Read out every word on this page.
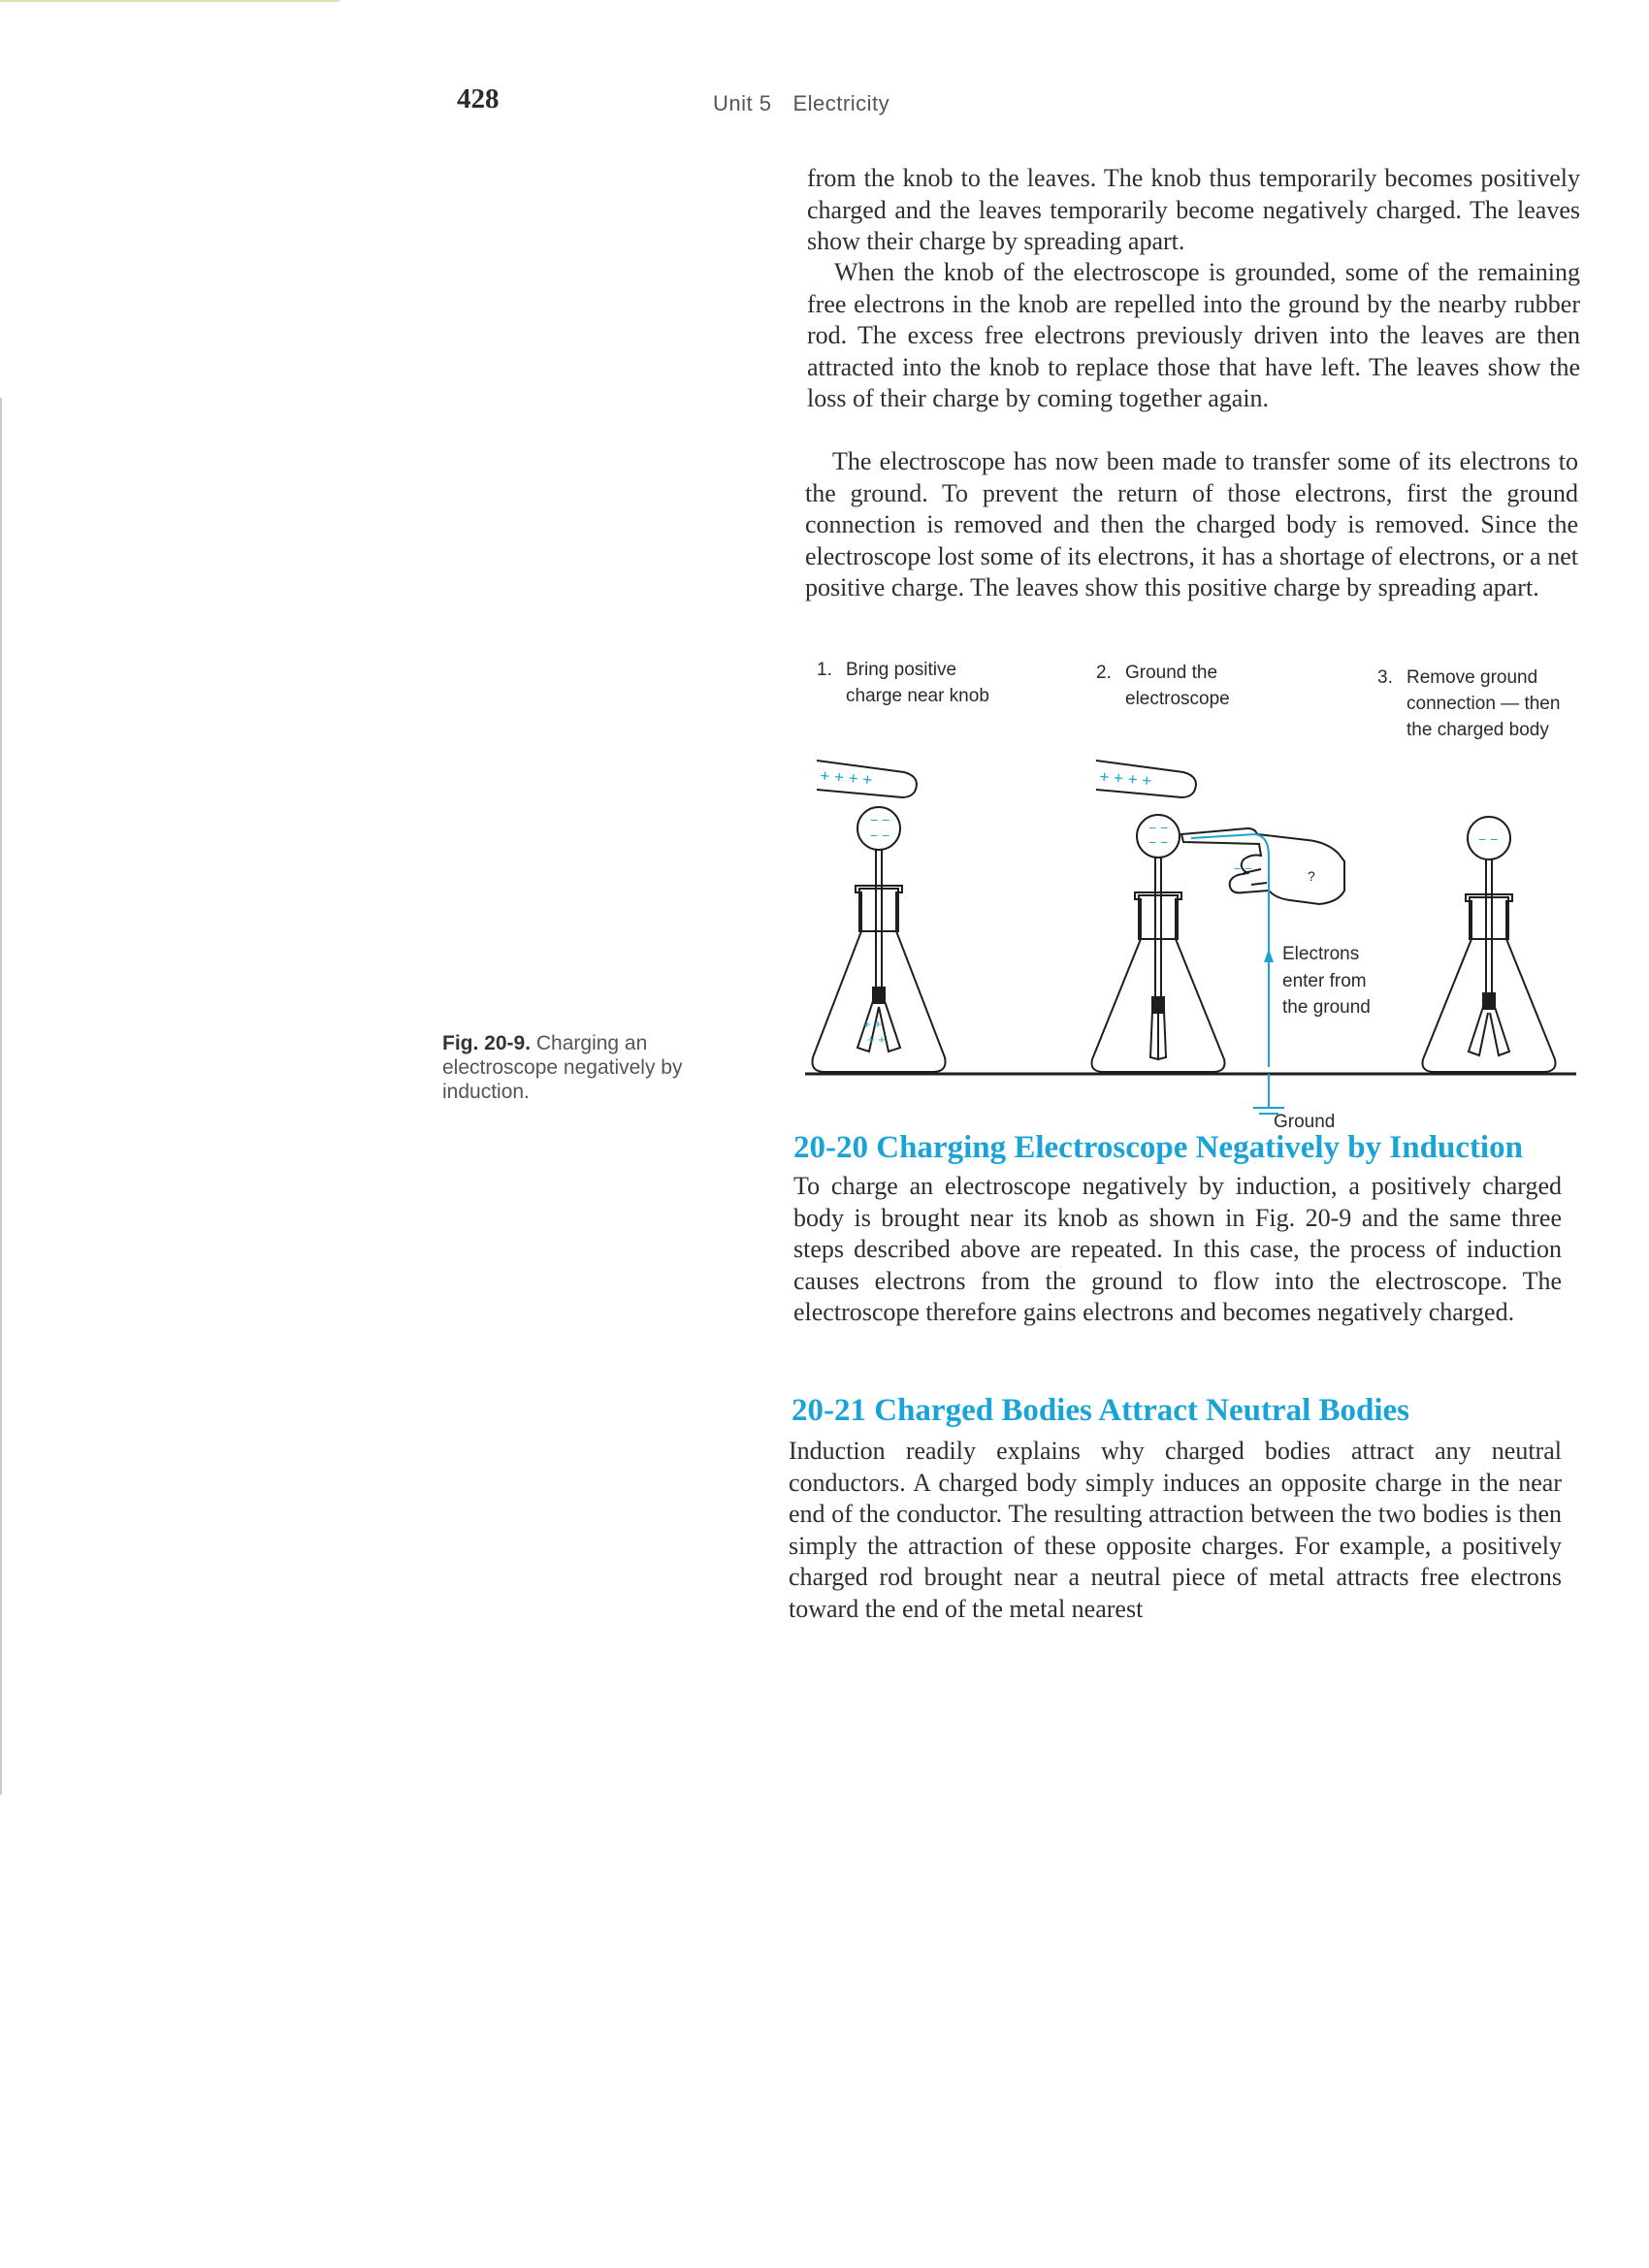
428	Unit 5 Electricity

from the knob to the leaves. The knob thus temporarily becomes positively charged and the leaves temporarily become negatively charged. The leaves show their charge by spreading apart.

When the knob of the electroscope is grounded, some of the remaining free electrons in the knob are repelled into the ground by the nearby rubber rod. The excess free electrons previously driven into the leaves are then attracted into the knob to replace those that have left. The leaves show the loss of their charge by coming together again.

The electroscope has now been made to transfer some of its electrons to the ground. To prevent the return of those electrons, first the ground connection is removed and then the charged body is removed. Since the electroscope lost some of its electrons, it has a shortage of electrons, or a net positive charge. The leaves show this positive charge by spreading apart.

Fig. 20-9. Charging an electroscope negatively by induction.
1. Bring positive
charge near knob
2. Ground the
electroscope
3. Remove ground
connection — then
the charged body
+ + + +
− −
− −
+ +
+ +
+ + + +
− −
− −
?
− −
− −
Electrons
enter from
the ground
Ground
20-20 Charging Electroscope Negatively by Induction

To charge an electroscope negatively by induction, a positively charged body is brought near its knob as shown in Fig. 20-9 and the same three steps described above are repeated. In this case, the process of induction causes electrons from the ground to flow into the electroscope. The electroscope therefore gains electrons and becomes negatively charged.

20-21 Charged Bodies Attract Neutral Bodies

Induction readily explains why charged bodies attract any neutral conductors. A charged body simply induces an opposite charge in the near end of the conductor. The resulting attraction between the two bodies is then simply the attraction of these opposite charges. For example, a positively charged rod brought near a neutral piece of metal attracts free electrons toward the end of the metal nearest
